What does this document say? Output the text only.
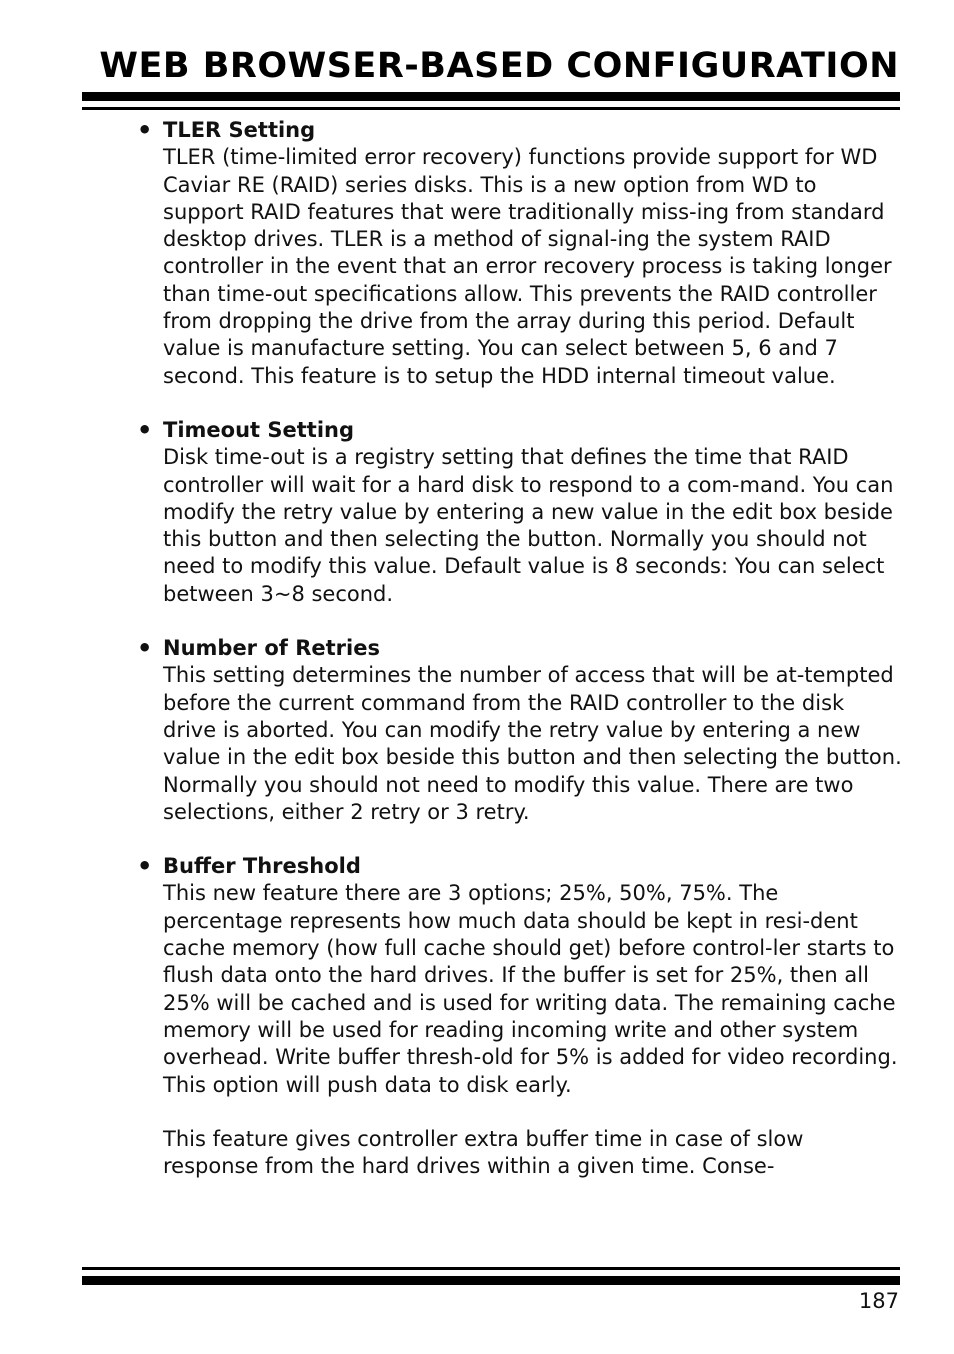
WEB BROWSER-BASED CONFIGURATION
• TLER Setting

TLER (time-limited error recovery) functions provide support for WD Caviar RE (RAID) series disks. This is a new option from WD to support RAID features that were traditionally miss-ing from standard desktop drives. TLER is a method of signal-ing the system RAID controller in the event that an error recovery process is taking longer than time-out specifications allow. This prevents the RAID controller from dropping the drive from the array during this period. Default value is manufacture setting. You can select between 5, 6 and 7 second. This feature is to setup the HDD internal timeout value.

• Timeout Setting

Disk time-out is a registry setting that defines the time that RAID controller will wait for a hard disk to respond to a com-mand. You can modify the retry value by entering a new value in the edit box beside this button and then selecting the button. Normally you should not need to modify this value. Default value is 8 seconds: You can select between 3~8 second.

• Number of Retries

This setting determines the number of access that will be at-tempted before the current command from the RAID controller to the disk drive is aborted. You can modify the retry value by entering a new value in the edit box beside this button and then selecting the button. Normally you should not need to modify this value. There are two selections, either 2 retry or 3 retry.

• Buffer Threshold

This new feature there are 3 options; 25%, 50%, 75%. The percentage represents how much data should be kept in resi-dent cache memory (how full cache should get) before control-ler starts to flush data onto the hard drives. If the buffer is set for 25%, then all 25% will be cached and is used for writing data. The remaining cache memory will be used for reading incoming write and other system overhead. Write buffer thresh-old for 5% is added for video recording. This option will push data to disk early.

This feature gives controller extra buffer time in case of slow response from the hard drives within a given time. Conse-

187
